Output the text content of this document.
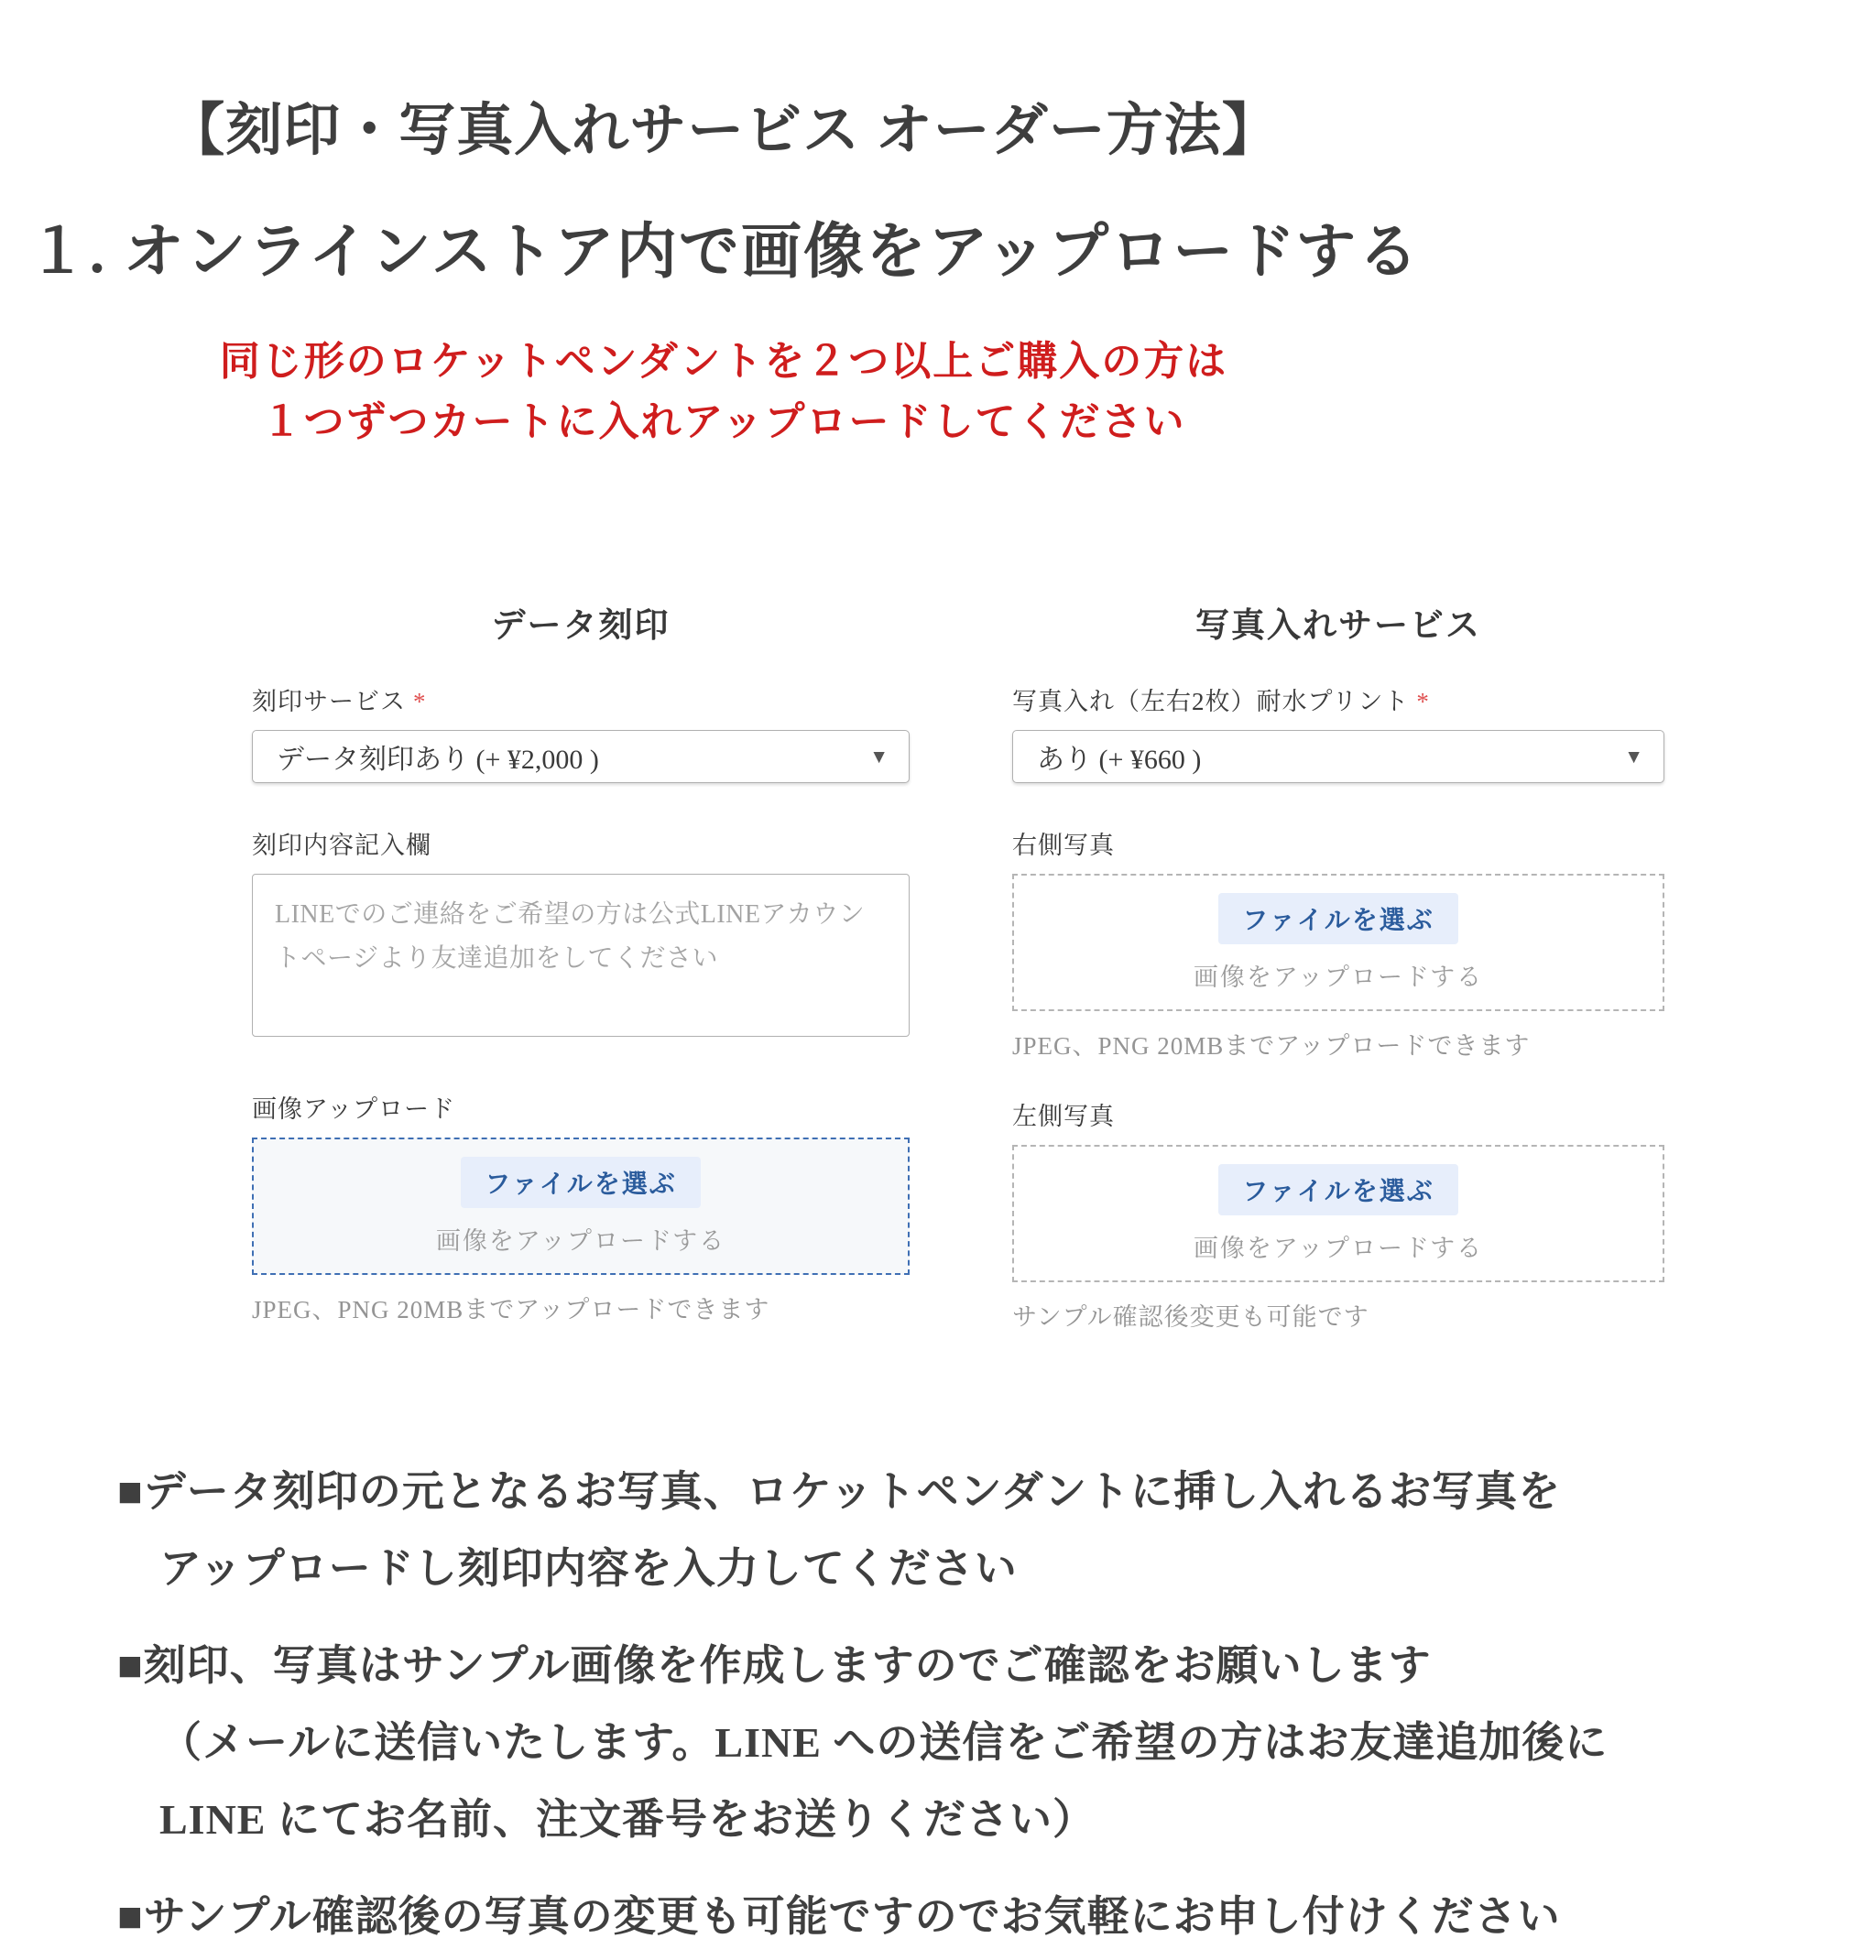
【刻印・写真入れサービス オーダー方法】
１. オンラインストア内で画像をアップロードする
同じ形のロケットペンダントを２つ以上ご購入の方は
１つずつカートに入れアップロードしてください
データ刻印
刻印サービス *
データ刻印あり (+ ¥2,000 )	▼
刻印内容記入欄
LINEでのご連絡をご希望の方は公式LINEアカウントページより友達追加をしてください
画像アップロード
ファイルを選ぶ
画像をアップロードする
JPEG、PNG 20MBまでアップロードできます
写真入れサービス
写真入れ（左右2枚）耐水プリント *
あり (+ ¥660 )	▼
右側写真
ファイルを選ぶ
画像をアップロードする
JPEG、PNG 20MBまでアップロードできます
左側写真
ファイルを選ぶ
画像をアップロードする
サンプル確認後変更も可能です
■データ刻印の元となるお写真、ロケットペンダントに挿し入れるお写真を
アップロードし刻印内容を入力してください
■刻印、写真はサンプル画像を作成しますのでご確認をお願いします
（メールに送信いたします。LINE への送信をご希望の方はお友達追加後に
LINE にてお名前、注文番号をお送りください）
■サンプル確認後の写真の変更も可能ですのでお気軽にお申し付けください
